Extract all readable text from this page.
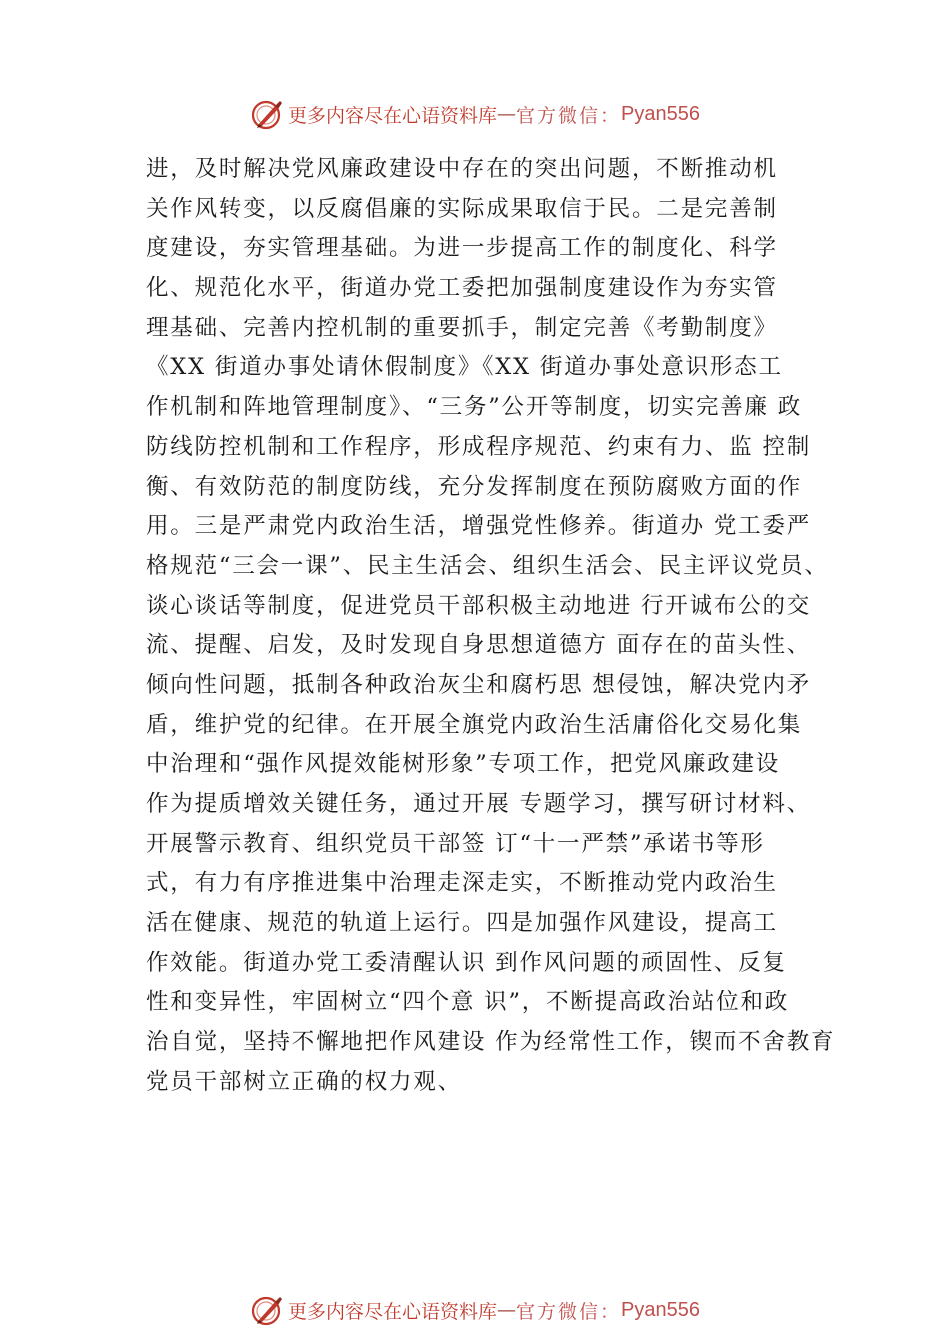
更多内容尽在心语资料库 — 官方微信： Pyan556
进，及时解决党风廉政建设中存在的突出问题，不断推动机
关作风转变，以反腐倡廉的实际成果取信于民。二是完善制
度建设，夯实管理基础。为进一步提高工作的制度化、科学
化、规范化水平，街道办党工委把加强制度建设作为夯实管
理基础、完善内控机制的重要抓手，制定完善《考勤制度》
《XX 街道办事处请休假制度》《XX 街道办事处意识形态工
作机制和阵地管理制度》、“三务”公开等制度，切实完善廉 政
防线防控机制和工作程序，形成程序规范、约束有力、监 控制
衡、有效防范的制度防线，充分发挥制度在预防腐败方面的作
用。三是严肃党内政治生活，增强党性修养。街道办 党工委严
格规范“三会一课”、民主生活会、组织生活会、民主评议党员、
谈心谈话等制度，促进党员干部积极主动地进 行开诚布公的交
流、提醒、启发，及时发现自身思想道德方 面存在的苗头性、
倾向性问题，抵制各种政治灰尘和腐朽思 想侵蚀，解决党内矛
盾，维护党的纪律。在开展全旗党内政治生活庸俗化交易化集
中治理和“强作风提效能树形象”专项工作，把党风廉政建设
作为提质增效关键任务，通过开展 专题学习，撰写研讨材料、
开展警示教育、组织党员干部签 订“十一严禁”承诺书等形
式，有力有序推进集中治理走深走实，不断推动党内政治生
活在健康、规范的轨道上运行。四是加强作风建设，提高工
作效能。街道办党工委清醒认识 到作风问题的顽固性、反复
性和变异性，牢固树立“四个意 识”，不断提高政治站位和政
治自觉，坚持不懈地把作风建设 作为经常性工作，锲而不舍教育
党员干部树立正确的权力观、
更多内容尽在心语资料库 — 官方微信： Pyan556
